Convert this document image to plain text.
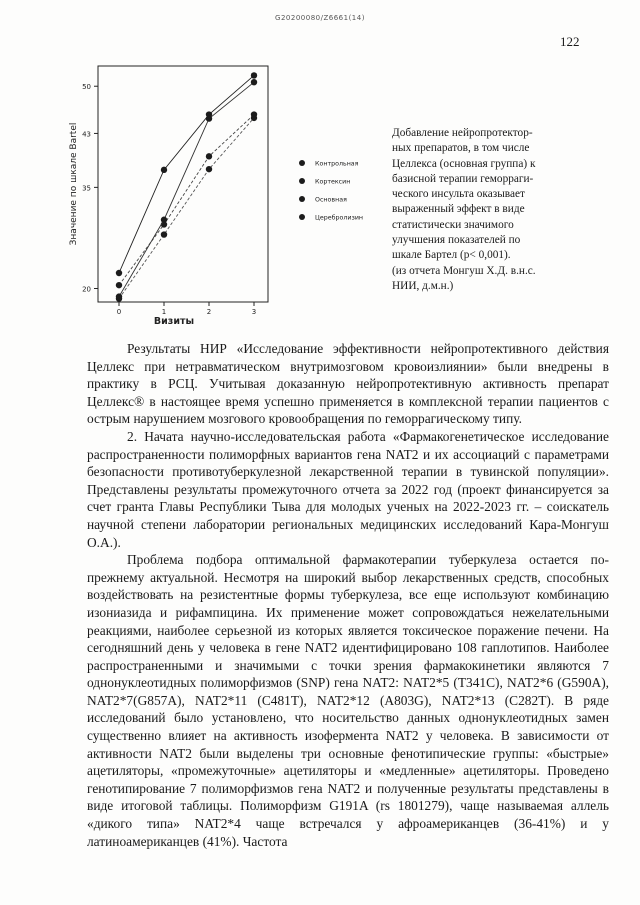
G20200080/Z6661(14)
122
Значение по шкале Bartel
Визиты
20
35
43
50
0	1	2	3
Контрольная
Кортексин
Основная
Церебролизин
Добавление нейропротектор-
ных препаратов, в том числе
Целлекса (основная группа) к
базисной терапии геморраги-
ческого инсульта оказывает
выраженный эффект в виде
статистически значимого
улучшения показателей по
шкале Бартел (р< 0,001).
(из отчета Монгуш Х.Д. в.н.с.
НИИ, д.м.н.)

Результаты НИР «Исследование эффективности нейропротективного действия Целлекс при нетравматическом внутримозговом кровоизлиянии» были внедрены в практику в РСЦ. Учитывая доказанную нейропротективную активность препарат Целлекс® в настоящее время успешно применяется в комплексной терапии пациентов с острым нарушением мозгового кровообращения по геморрагическому типу.

2. Начата научно-исследовательская работа «Фармакогенетическое исследование распространенности полиморфных вариантов гена NAT2 и их ассоциаций с параметрами безопасности противотуберкулезной лекарственной терапии в тувинской популяции». Представлены результаты промежуточного отчета за 2022 год (проект финансируется за счет гранта Главы Республики Тыва для молодых ученых на 2022-2023 гг. – соискатель научной степени лаборатории региональных медицинских исследований Кара-Монгуш О.А.).

Проблема подбора оптимальной фармакотерапии туберкулеза остается по-прежнему актуальной. Несмотря на широкий выбор лекарственных средств, способных воздействовать на резистентные формы туберкулеза, все еще используют комбинацию изониазида и рифампицина. Их применение может сопровождаться нежелательными реакциями, наиболее серьезной из которых является токсическое поражение печени. На сегодняшний день у человека в гене NAT2 идентифицировано 108 гаплотипов. Наиболее распространенными и значимыми с точки зрения фармакокинетики являются 7 однонуклеотидных полиморфизмов (SNP) гена NAT2: NAT2*5 (T341C), NAT2*6 (G590A), NAT2*7(G857A), NAT2*11 (C481T), NAT2*12 (A803G), NAT2*13 (C282T). В ряде исследований было установлено, что носительство данных однонуклеотидных замен существенно влияет на активность изофермента NAT2 у человека. В зависимости от активности NAT2 были выделены три основные фенотипические группы: «быстрые» ацетиляторы, «промежуточные» ацетиляторы и «медленные» ацетиляторы. Проведено генотипирование 7 полиморфизмов гена NAT2 и полученные результаты представлены в виде итоговой таблицы. Полиморфизм G191A (rs 1801279), чаще называемая аллель «дикого типа» NAT2*4 чаще встречался у афроамериканцев (36-41%) и у латиноамериканцев (41%). Частота
